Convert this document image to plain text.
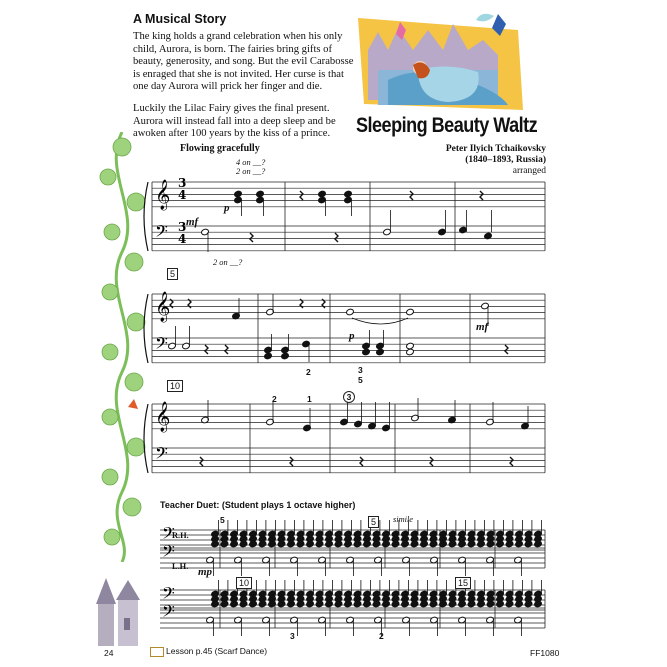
A Musical Story

The king holds a grand celebration when his only child, Aurora, is born. The fairies bring gifts of beauty, generosity, and song. But the evil Carabosse is enraged that she is not invited. Her curse is that one day Aurora will prick her finger and die.

Luckily the Lilac Fairy gives the final present. Aurora will instead fall into a deep sleep and be awoken after 100 years by the kiss of a prince.	Sleeping Beauty Waltz
Peter Ilyich Tchaikovsky
(1840–1893, Russia)
arranged
𝄞
𝄢
𝄞
𝄢
𝄞
𝄢
3
4
3
4
𝄢
𝄢
𝄢
𝄢
Flowing gracefully
4 on __?
2 on __?
2 on __?
mf
p
p
mf
mp
simile
5
10
5
10	15
2	1	3
2	3
5
5
3	2
Teacher Duet: (Student plays 1 octave higher)
R.H.
L.H.
24	Lesson p.45 (Scarf Dance)	FF1080
